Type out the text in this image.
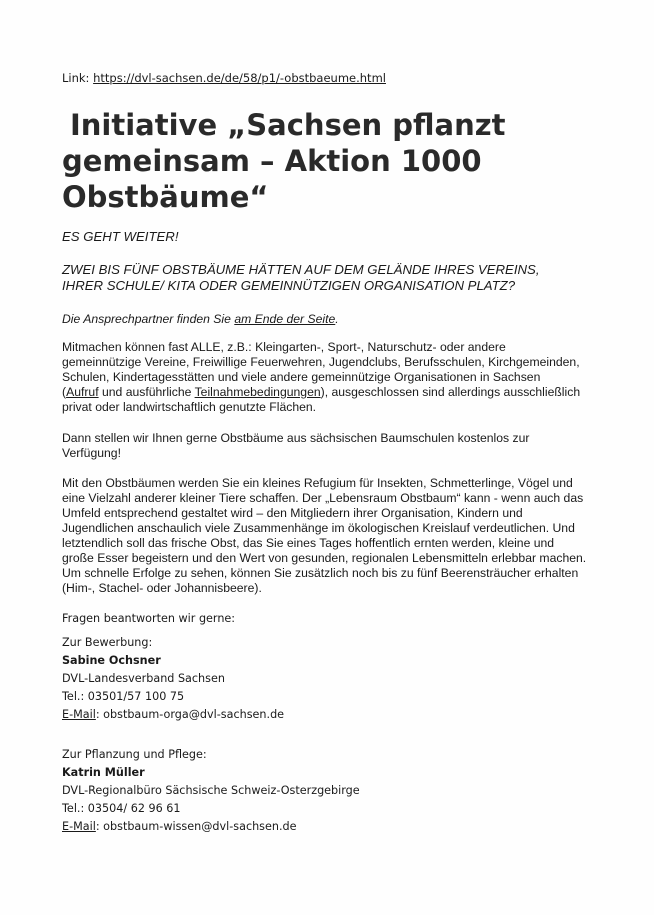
Link: https://dvl-sachsen.de/de/58/p1/-obstbaeume.html
Initiative „Sachsen pflanzt
gemeinsam – Aktion 1000
Obstbäume“

ES GEHT WEITER!

ZWEI BIS FÜNF OBSTBÄUME HÄTTEN AUF DEM GELÄNDE IHRES VEREINS,
IHRER SCHULE/ KITA ODER GEMEINNÜTZIGEN ORGANISATION PLATZ?

Die Ansprechpartner finden Sie am Ende der Seite.

Mitmachen können fast ALLE, z.B.: Kleingarten-, Sport-, Naturschutz- oder andere
gemeinnützige Vereine, Freiwillige Feuerwehren, Jugendclubs, Berufsschulen, Kirchgemeinden,
Schulen, Kindertagesstätten und viele andere gemeinnützige Organisationen in Sachsen
(Aufruf und ausführliche Teilnahmebedingungen), ausgeschlossen sind allerdings ausschließlich
privat oder landwirtschaftlich genutzte Flächen.

Dann stellen wir Ihnen gerne Obstbäume aus sächsischen Baumschulen kostenlos zur
Verfügung!

Mit den Obstbäumen werden Sie ein kleines Refugium für Insekten, Schmetterlinge, Vögel und
eine Vielzahl anderer kleiner Tiere schaffen. Der „Lebensraum Obstbaum“ kann - wenn auch das
Umfeld entsprechend gestaltet wird – den Mitgliedern ihrer Organisation, Kindern und
Jugendlichen anschaulich viele Zusammenhänge im ökologischen Kreislauf verdeutlichen. Und
letztendlich soll das frische Obst, das Sie eines Tages hoffentlich ernten werden, kleine und
große Esser begeistern und den Wert von gesunden, regionalen Lebensmitteln erlebbar machen.
Um schnelle Erfolge zu sehen, können Sie zusätzlich noch bis zu fünf Beerensträucher erhalten
(Him-, Stachel- oder Johannisbeere).

Fragen beantworten wir gerne:
Zur Bewerbung:
Sabine Ochsner
DVL-Landesverband Sachsen
Tel.: 03501/57 100 75
E-Mail: obstbaum-orga@dvl-sachsen.de
Zur Pflanzung und Pflege:
Katrin Müller
DVL-Regionalbüro Sächsische Schweiz-Osterzgebirge
Tel.: 03504/ 62 96 61
E-Mail: obstbaum-wissen@dvl-sachsen.de
